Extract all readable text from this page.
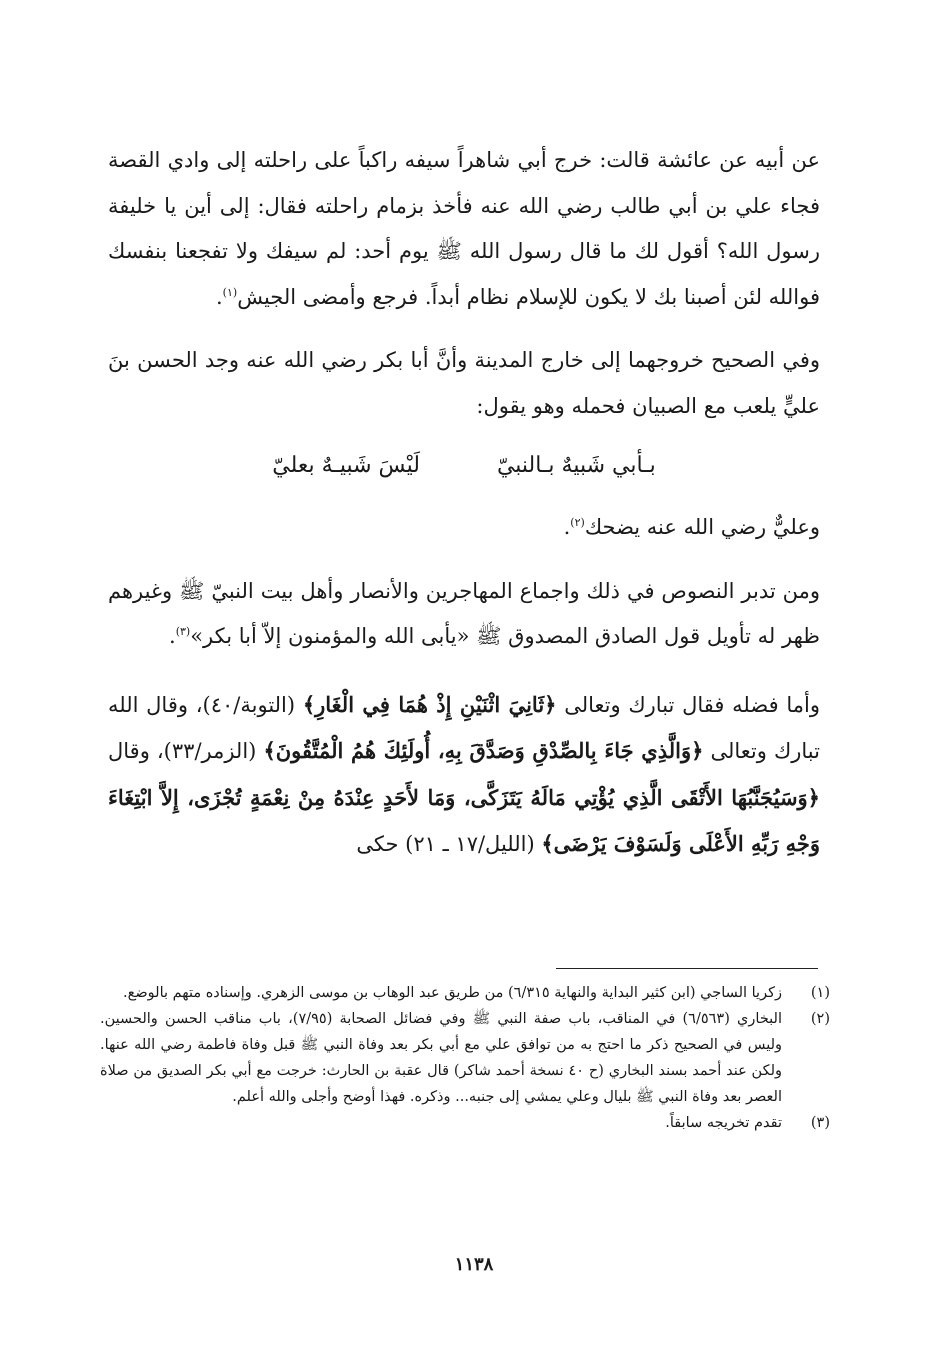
عن أبيه عن عائشة قالت: خرج أبي شاهراً سيفه راكباً على راحلته إلى وادي القصة فجاء علي بن أبي طالب رضي الله عنه فأخذ بزمام راحلته فقال: إلى أين يا خليفة رسول الله؟ أقول لك ما قال رسول الله ﷺ يوم أحد: لم سيفك ولا تفجعنا بنفسك فوالله لئن أصبنا بك لا يكون للإسلام نظام أبداً. فرجع وأمضى الجيش$^{(١)}$.

وفي الصحيح خروجهما إلى خارج المدينة وأنَّ أبا بكر رضي الله عنه وجد الحسن بنَ عليٍّ يلعب مع الصبيان فحمله وهو يقول:

بـأبي شَبيهٌ بـالنبيّ لَيْسَ شَبيـهٌ بعليّ

وعليٌّ رضي الله عنه يضحك$^{(٢)}$.

ومن تدبر النصوص في ذلك واجماع المهاجرين والأنصار وأهل بيت النبيّ ﷺ وغيرهم ظهر له تأويل قول الصادق المصدوق ﷺ «يأبى الله والمؤمنون إلاّ أبا بكر»$^{(٣)}$.

وأما فضله فقال تبارك وتعالى ﴿ثَانِيَ اثْنَيْنِ إِذْ هُمَا فِي الْغَارِ﴾ (التوبة/٤٠)، وقال الله تبارك وتعالى ﴿وَالَّذِي جَاءَ بِالصِّدْقِ وَصَدَّقَ بِهِ، أُولَئِكَ هُمُ الْمُتَّقُونَ﴾ (الزمر/٣٣)، وقال ﴿وَسَيُجَنَّبُهَا الأَتْقَى الَّذِي يُؤْتِي مَالَهُ يَتَزَكَّى، وَمَا لأَحَدٍ عِنْدَهُ مِنْ نِعْمَةٍ تُجْزَى، إِلاَّ ابْتِغَاءَ وَجْهِ رَبِّهِ الأَعْلَى وَلَسَوْفَ يَرْضَى﴾ (الليل/١٧ ـ ٢١) حكى

(١)
زكريا الساجي (ابن كثير البداية والنهاية ٦/٣١٥) من طريق عبد الوهاب بن موسى الزهري. وإسناده متهم بالوضع.
(٢)
البخاري (٦/٥٦٣) في المناقب، باب صفة النبي ﷺ وفي فضائل الصحابة (٧/٩٥)، باب مناقب الحسن والحسين. وليس في الصحيح ذكر ما احتج به من توافق علي مع أبي بكر بعد وفاة النبي ﷺ قبل وفاة فاطمة رضي الله عنها. ولكن عند أحمد بسند البخاري (ح ٤٠ نسخة أحمد شاكر) قال عقبة بن الحارث: خرجت مع أبي بكر الصديق من صلاة العصر بعد وفاة النبي ﷺ بليال وعلي يمشي إلى جنبه... وذكره. فهذا أوضح وأجلى والله أعلم.
(٣)
تقدم تخريجه سابقاً.
١١٣٨
